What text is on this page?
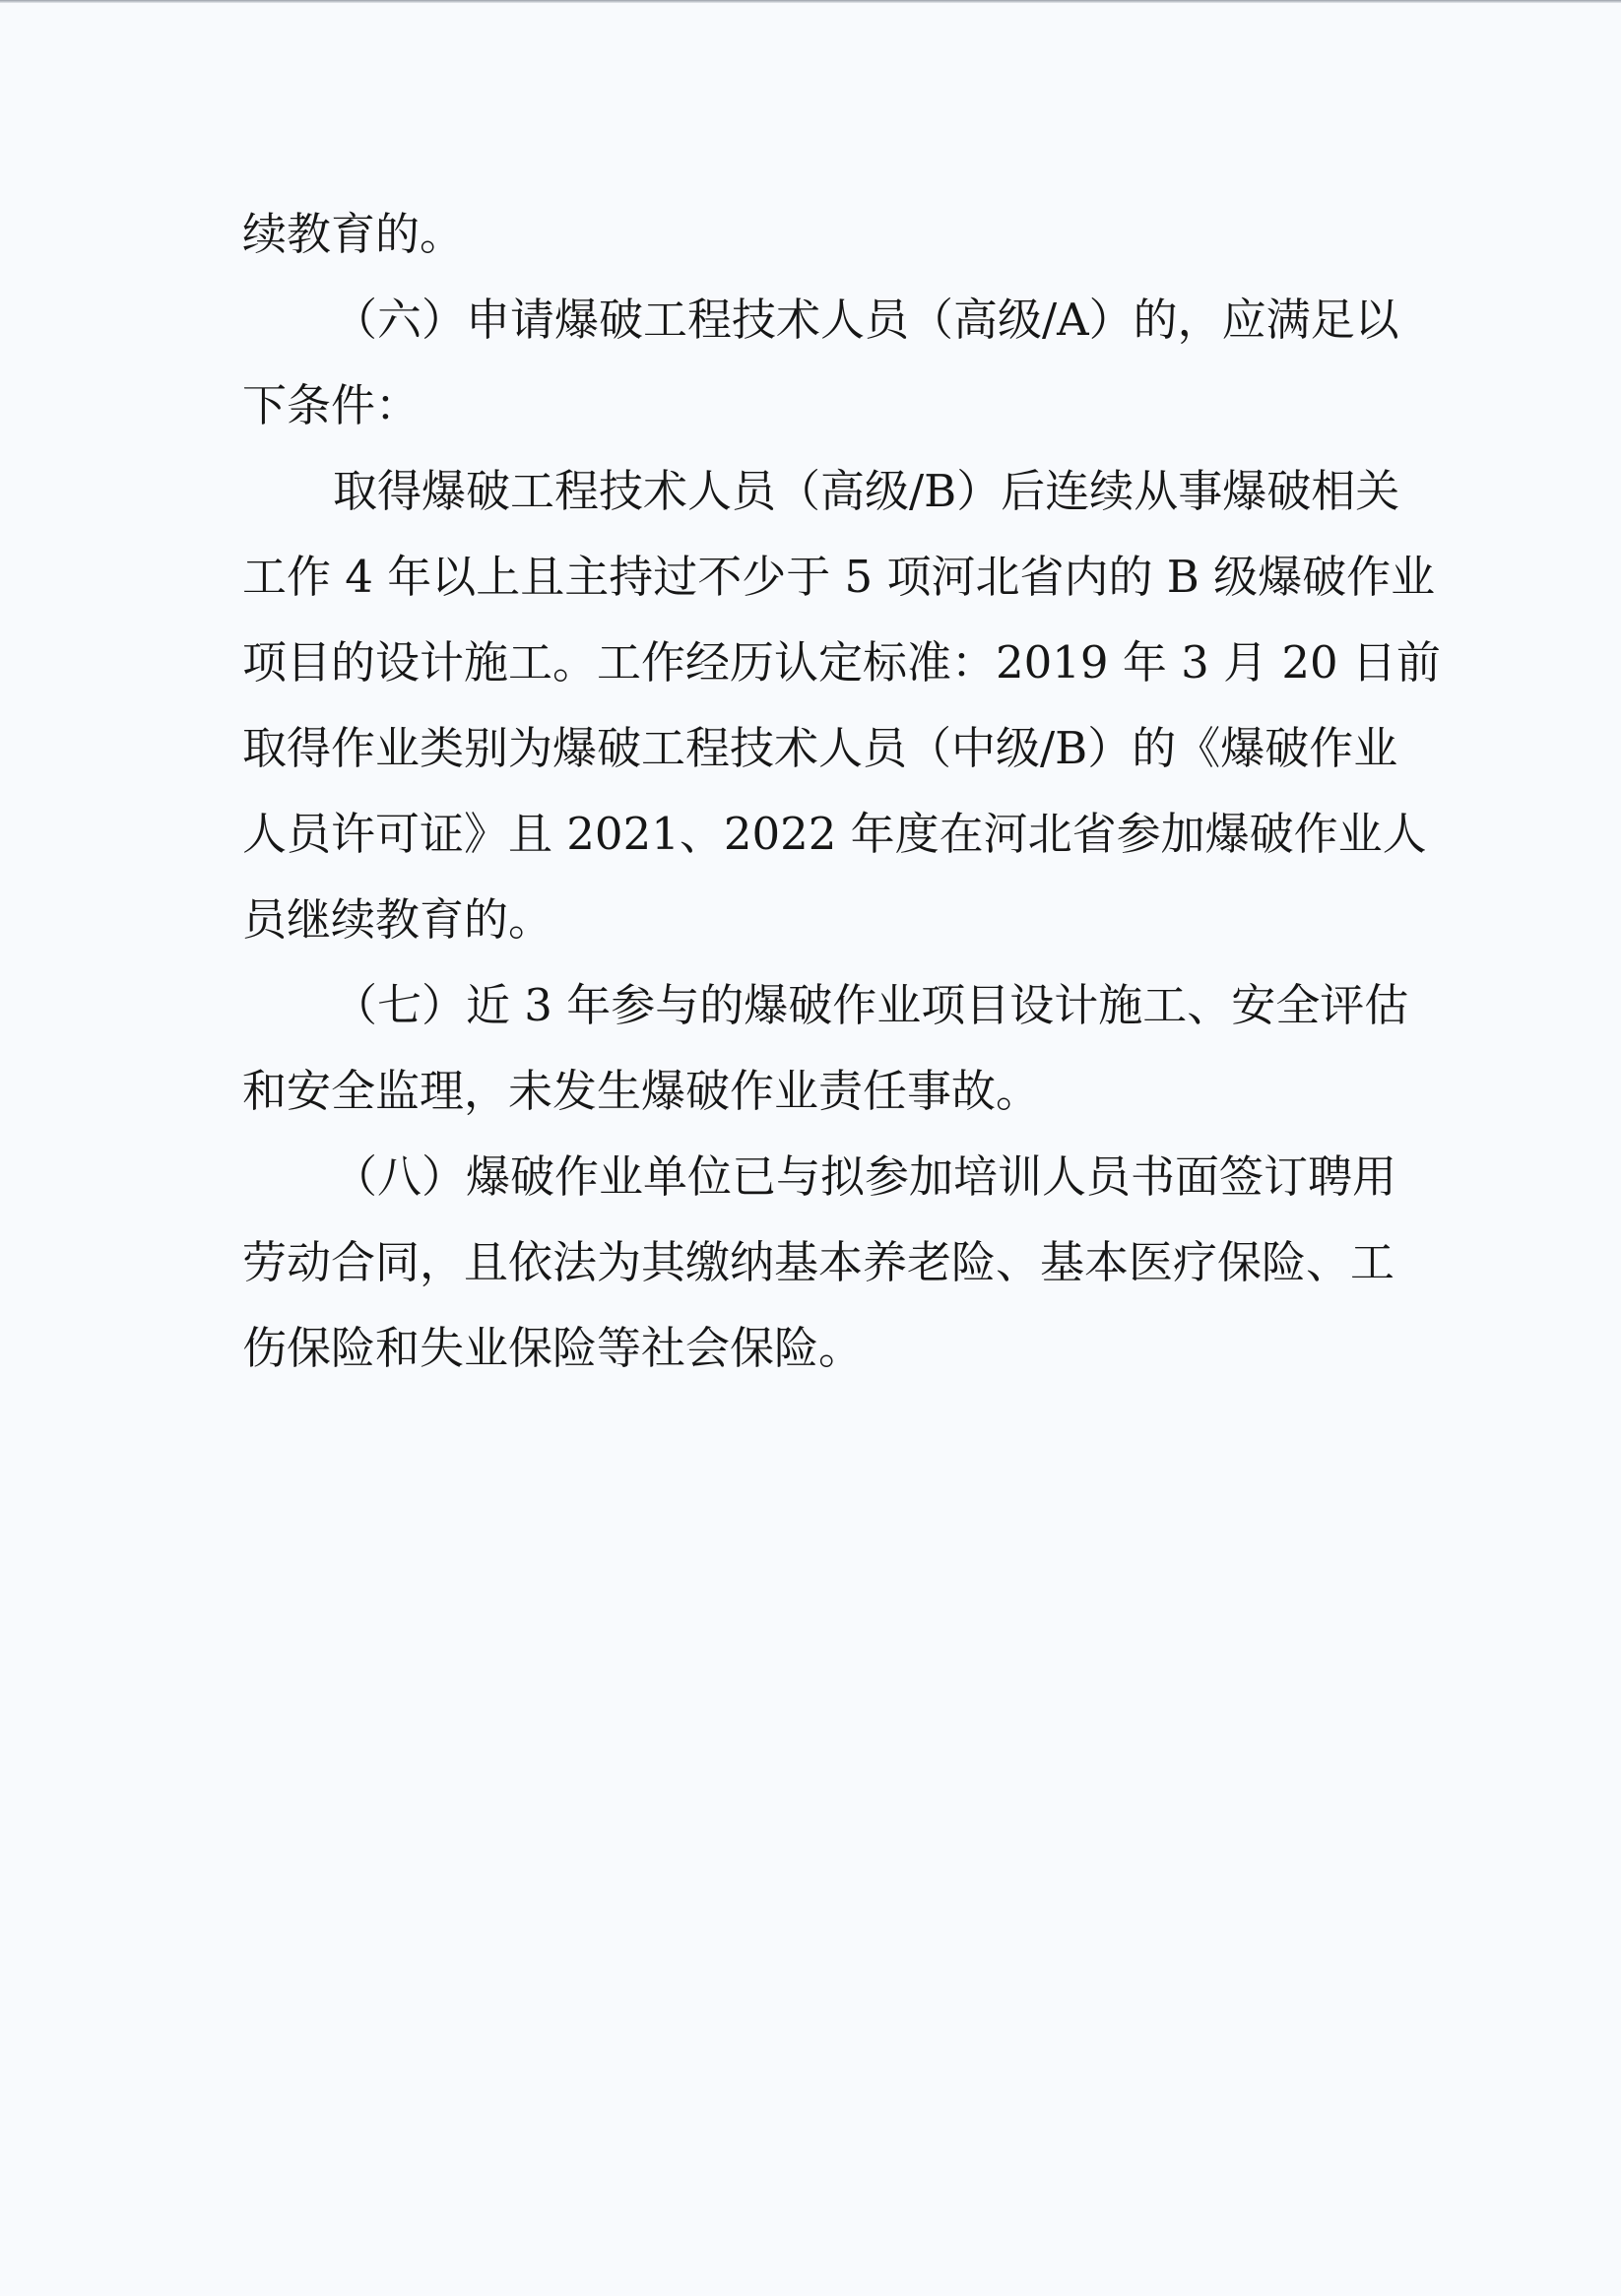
续教育的。
（六）申请爆破工程技术人员（高级/A）的，应满足以
下条件：
取得爆破工程技术人员（高级/B）后连续从事爆破相关
工作 4 年以上且主持过不少于 5 项河北省内的 B 级爆破作业
项目的设计施工。工作经历认定标准：2019 年 3 月 20 日前
取得作业类别为爆破工程技术人员（中级/B）的《爆破作业
人员许可证》且 2021、2022 年度在河北省参加爆破作业人
员继续教育的。
（七）近 3 年参与的爆破作业项目设计施工、安全评估
和安全监理，未发生爆破作业责任事故。
（八）爆破作业单位已与拟参加培训人员书面签订聘用
劳动合同，且依法为其缴纳基本养老险、基本医疗保险、工
伤保险和失业保险等社会保险。
